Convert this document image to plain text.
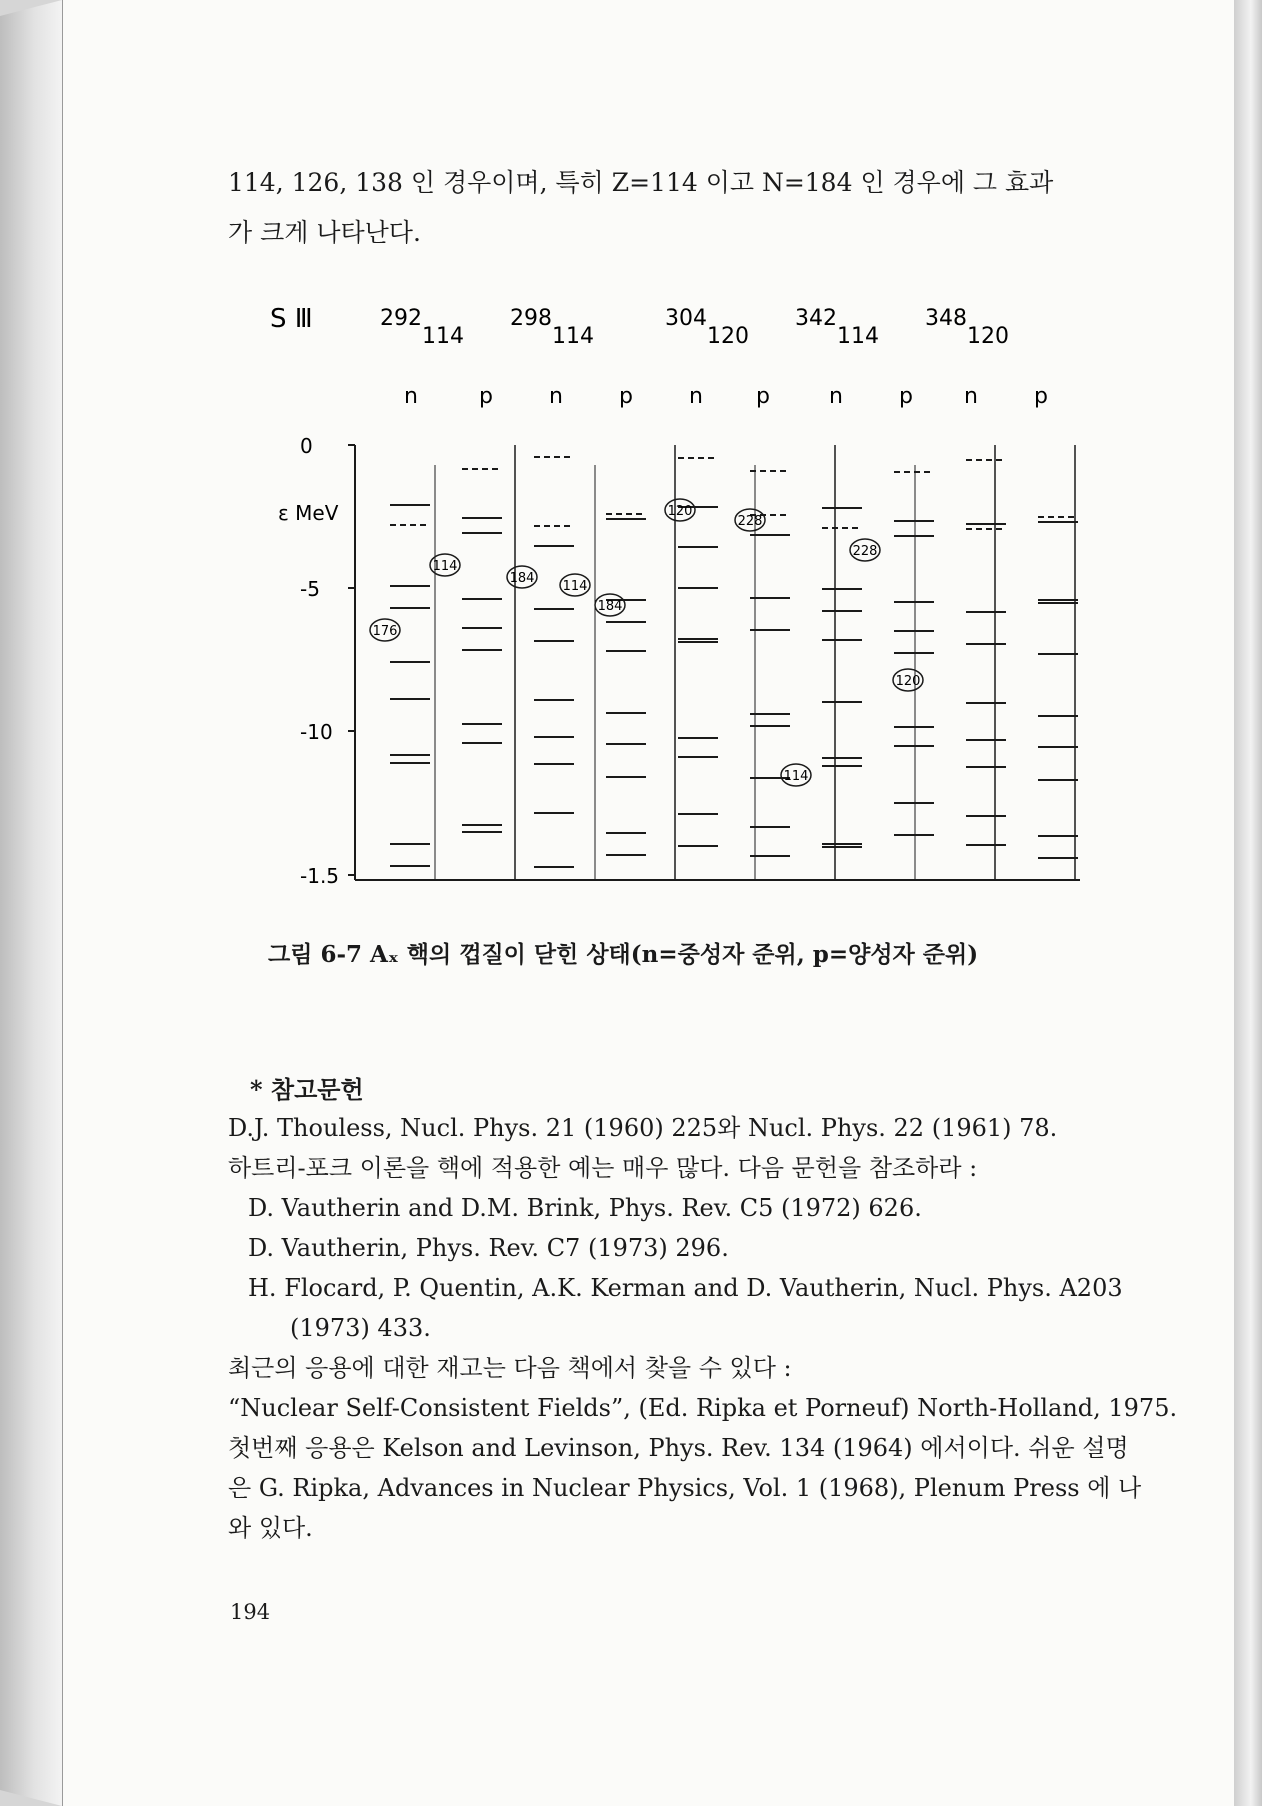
114, 126, 138 인 경우이며, 특히 Z=114 이고 N=184 인 경우에 그 효과
가 크게 나타난다.
S Ⅲ	292
114
298
114
304
120
342
114
348
120
n	p	n	p	n p	n	p n	p
ε MeV
0
-5
-10
-1.5
176
114
184
114
184
120
228
114
228
120
그림 6-7 Aₓ 핵의 껍질이 닫힌 상태(n=중성자 준위, p=양성자 준위)
* 참고문헌
D.J. Thouless, Nucl. Phys. 21 (1960) 225와 Nucl. Phys. 22 (1961) 78.
하트리-포크 이론을 핵에 적용한 예는 매우 많다. 다음 문헌을 참조하라 :
D. Vautherin and D.M. Brink, Phys. Rev. C5 (1972) 626.
D. Vautherin, Phys. Rev. C7 (1973) 296.
H. Flocard, P. Quentin, A.K. Kerman and D. Vautherin, Nucl. Phys. A203
(1973) 433.
최근의 응용에 대한 재고는 다음 책에서 찾을 수 있다 :
“Nuclear Self-Consistent Fields”, (Ed. Ripka et Porneuf) North-Holland, 1975.
첫번째 응용은 Kelson and Levinson, Phys. Rev. 134 (1964) 에서이다. 쉬운 설명
은 G. Ripka, Advances in Nuclear Physics, Vol. 1 (1968), Plenum Press 에 나
와 있다.
194
